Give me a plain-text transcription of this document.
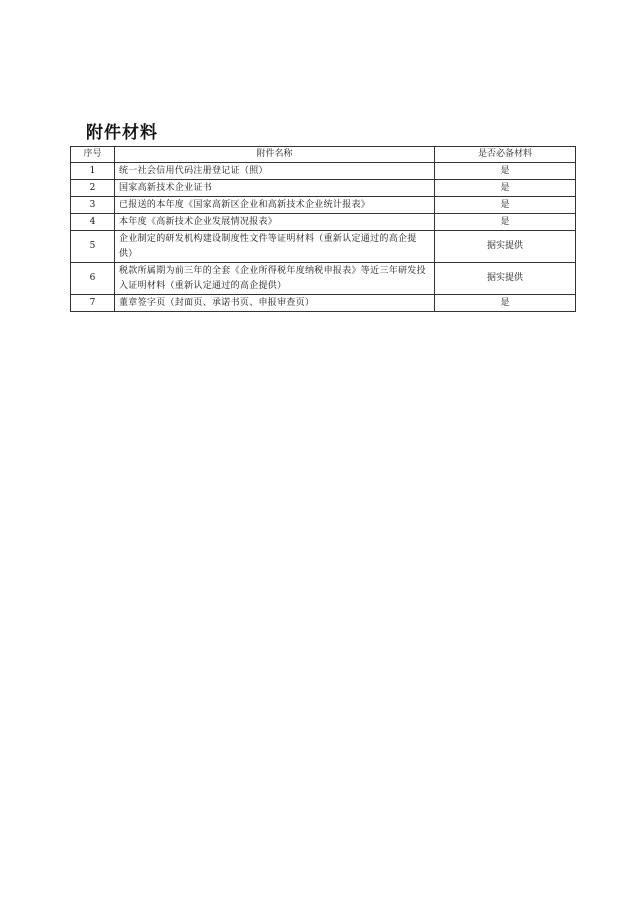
附件材料
序号	附件名称	是否必备材料
1	统一社会信用代码注册登记证（照）	是
2	国家高新技术企业证书	是
3	已报送的本年度《国家高新区企业和高新技术企业统计报表》	是
4	本年度《高新技术企业发展情况报表》	是
5	企业制定的研发机构建设制度性文件等证明材料（重新认定通过的高企提供）	据实提供
6	税款所属期为前三年的全套《企业所得税年度纳税申报表》等近三年研发投入证明材料（重新认定通过的高企提供）	据实提供
7	董章签字页（封面页、承诺书页、申报审查页）	是
